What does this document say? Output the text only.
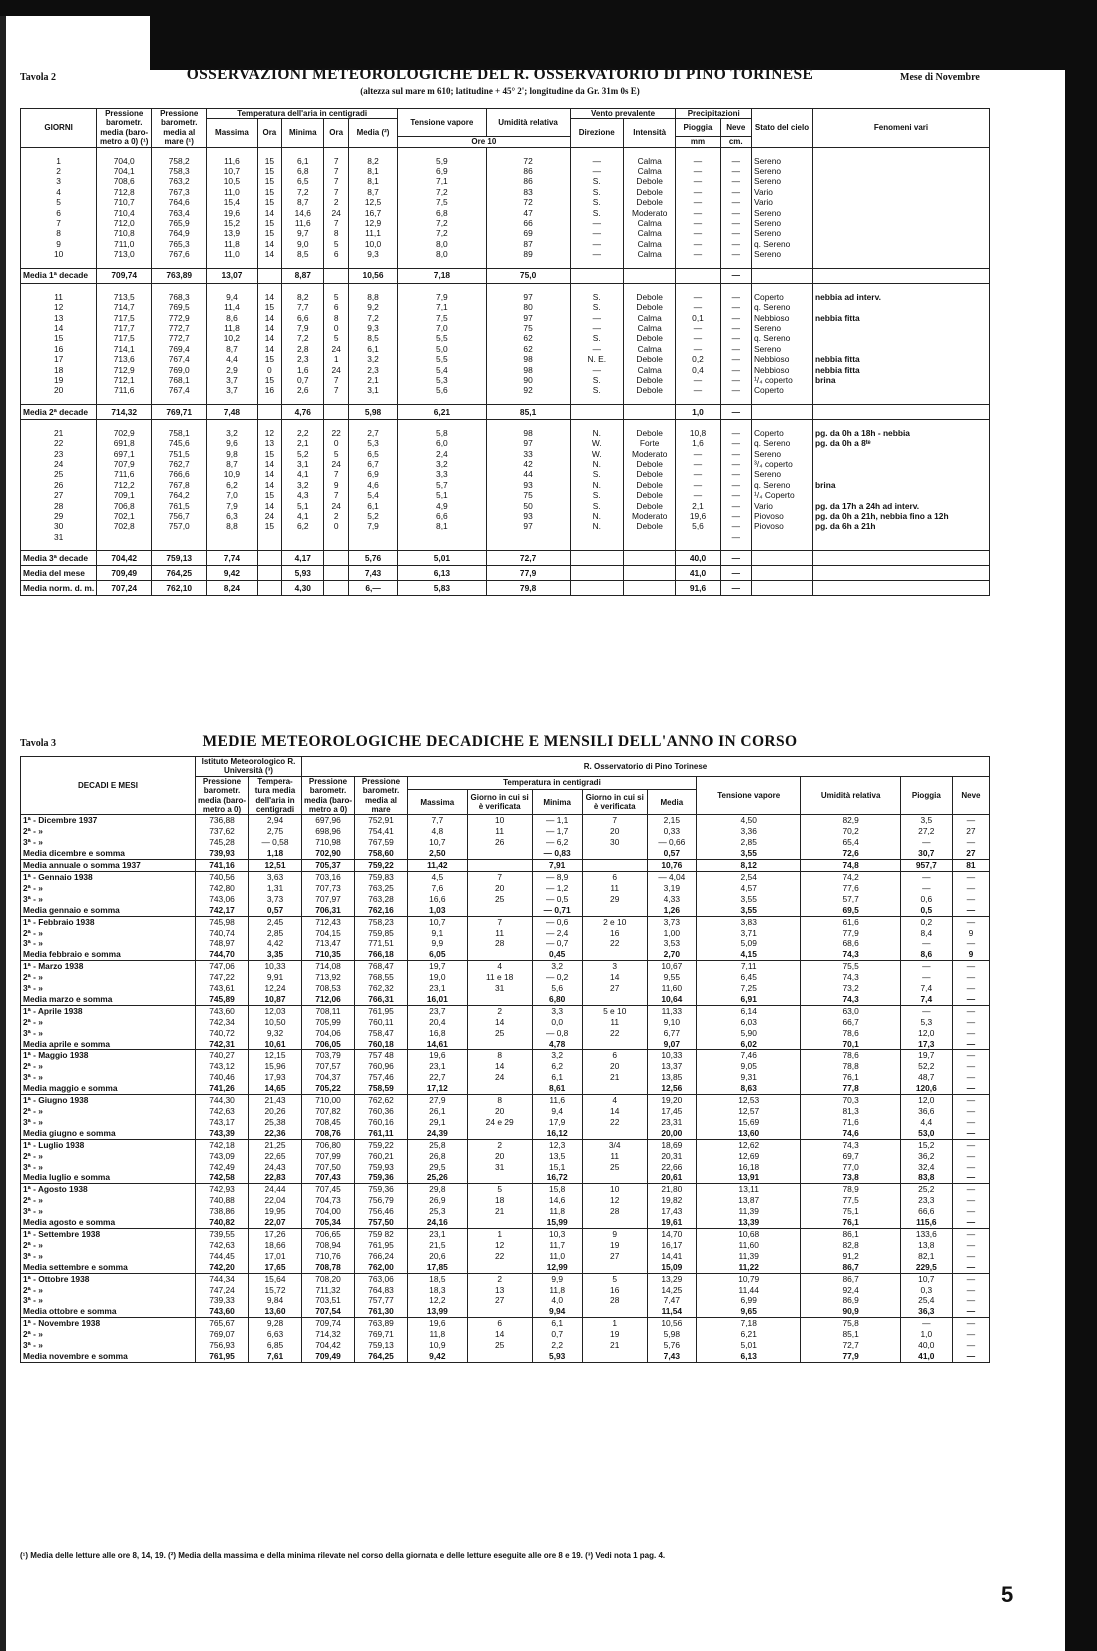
Tavola 2	OSSERVAZIONI METEOROLOGICHE DEL R. OSSERVATORIO DI PINO TORINESE	Mese di Novembre
(altezza sul mare m 610; latitudine + 45° 2'; longitudine da Gr. 31m 0s E)
GIORNI	Pressione barometr. media (baro- metro a 0) (¹)	Pressione barometr. media al mare (¹)	Temperatura dell'aria in centigradi					Tensione vapore	Umidità relativa	Vento prevalente		Precipitazioni		Stato del cielo	Fenomeni vari
			Massima	Ora	Minima	Ora	Media (²)			Direzione	Intensità	Pioggia	Neve		
								Ore 10				mm	cm.		

1	704,0	758,2	11,6	15	6,1	7	8,2	5,9	72	—	Calma	—	—	Sereno	
2	704,1	758,3	10,7	15	6,8	7	8,1	6,9	86	—	Calma	—	—	Sereno	
3	708,6	763,2	10,5	15	6,5	7	8,1	7,1	86	S.	Debole	—	—	Sereno	
4	712,8	767,3	11,0	15	7,2	7	8,7	7,2	83	S.	Debole	—	—	Vario	
5	710,7	764,6	15,4	15	8,7	2	12,5	7,5	72	S.	Debole	—	—	Vario	
6	710,4	763,4	19,6	14	14,6	24	16,7	6,8	47	S.	Moderato	—	—	Sereno	
7	712,0	765,9	15,2	15	11,6	7	12,9	7,2	66	—	Calma	—	—	Sereno	
8	710,8	764,9	13,9	15	9,7	8	11,1	7,2	69	—	Calma	—	—	Sereno	
9	711,0	765,3	11,8	14	9,0	5	10,0	8,0	87	—	Calma	—	—	q. Sereno	
10	713,0	767,6	11,0	14	8,5	6	9,3	8,0	89	—	Calma	—	—	Sereno	

Media 1ª decade	709,74	763,89	13,07		8,87		10,56	7,18	75,0				—		

11	713,5	768,3	9,4	14	8,2	5	8,8	7,9	97	S.	Debole	—	—	Coperto	nebbia ad interv.
12	714,7	769,5	11,4	15	7,7	6	9,2	7,1	80	S.	Debole	—	—	q. Sereno	
13	717,5	772,9	8,6	14	6,6	8	7,2	7,5	97	—	Calma	0,1	—	Nebbioso	nebbia fitta
14	717,7	772,7	11,8	14	7,9	0	9,3	7,0	75	—	Calma	—	—	Sereno	
15	717,5	772,7	10,2	14	7,2	5	8,5	5,5	62	S.	Debole	—	—	q. Sereno	
16	714,1	769,4	8,7	14	2,8	24	6,1	5,0	62	—	Calma	—	—	Sereno	
17	713,6	767,4	4,4	15	2,3	1	3,2	5,5	98	N. E.	Debole	0,2	—	Nebbioso	nebbia fitta
18	712,9	769,0	2,9	0	1,6	24	2,3	5,4	98	—	Calma	0,4	—	Nebbioso	nebbia fitta
19	712,1	768,1	3,7	15	0,7	7	2,1	5,3	90	S.	Debole	—	—	¹/₄ coperto	brina
20	711,6	767,4	3,7	16	2,6	7	3,1	5,6	92	S.	Debole	—	—	Coperto	

Media 2ª decade	714,32	769,71	7,48		4,76		5,98	6,21	85,1			1,0	—		

21	702,9	758,1	3,2	12	2,2	22	2,7	5,8	98	N.	Debole	10,8	—	Coperto	pg. da 0h a 18h - nebbia
22	691,8	745,6	9,6	13	2,1	0	5,3	6,0	97	W.	Forte	1,6	—	q. Sereno	pg. da 0h a 8ᵗᵉ
23	697,1	751,5	9,8	15	5,2	5	6,5	2,4	33	W.	Moderato	—	—	Sereno	
24	707,9	762,7	8,7	14	3,1	24	6,7	3,2	42	N.	Debole	—	—	³/₄ coperto	
25	711,6	766,6	10,9	14	4,1	7	6,9	3,3	44	S.	Debole	—	—	Sereno	
26	712,2	767,8	6,2	14	3,2	9	4,6	5,7	93	N.	Debole	—	—	q. Sereno	brina
27	709,1	764,2	7,0	15	4,3	7	5,4	5,1	75	S.	Debole	—	—	¹/₄ Coperto	
28	706,8	761,5	7,9	14	5,1	24	6,1	4,9	50	S.	Debole	2,1	—	Vario	pg. da 17h a 24h ad interv.
29	702,1	756,7	6,3	24	4,1	2	5,2	6,6	93	N.	Moderato	19,6	—	Piovoso	pg. da 0h a 21h, nebbia fino a 12h
30	702,8	757,0	8,8	15	6,2	0	7,9	8,1	97	N.	Debole	5,6	—	Piovoso	pg. da 6h a 21h
31													—		

Media 3ª decade	704,42	759,13	7,74		4,17		5,76	5,01	72,7			40,0	—		
Media del mese	709,49	764,25	9,42		5,93		7,43	6,13	77,9			41,0	—		
Media norm. d. m.	707,24	762,10	8,24		4,30		6,—	5,83	79,8			91,6	—		
Tavola 3	MEDIE METEOROLOGICHE DECADICHE E MENSILI DELL'ANNO IN CORSO
DECADI E MESI	Istituto Meteorologico R. Università (³)		R. Osservatorio di Pino Torinese										
	Pressione barometr. media (baro- metro a 0)	Tempera- tura media dell'aria in centigradi	Pressione barometr. media (baro- metro a 0)	Pressione barometr. media al mare	Temperatura in centigradi					Tensione vapore	Umidità relativa	Pioggia	Neve
					Massima	Giorno in cui si è verificata	Minima	Giorno in cui si è verificata	Media				
1ª - Dicembre 1937	736,88	2,94	697,96	752,91	7,7	10	— 1,1	7	2,15	4,50	82,9	3,5	—
2ª - »	737,62	2,75	698,96	754,41	4,8	11	— 1,7	20	0,33	3,36	70,2	27,2	27
3ª - »	745,28	— 0,58	710,98	767,59	10,7	26	— 6,2	30	— 0,66	2,85	65,4	—	—
Media dicembre e somma	739,93	1,18	702,90	758,60	2,50		— 0,83		0,57	3,55	72,6	30,7	27
Media annuale o somma 1937	741,16	12,51	705,37	759,22	11,42		7,91		10,76	8,12	74,8	957,7	81
1ª - Gennaio 1938	740,56	3,63	703,16	759,83	4,5	7	— 8,9	6	— 4,04	2,54	74,2	—	—
2ª - »	742,80	1,31	707,73	763,25	7,6	20	— 1,2	11	3,19	4,57	77,6	—	—
3ª - »	743,06	3,73	707,97	763,28	16,6	25	— 0,5	29	4,33	3,55	57,7	0,6	—
Media gennaio e somma	742,17	0,57	706,31	762,16	1,03		— 0,71		1,26	3,55	69,5	0,5	—
1ª - Febbraio 1938	745,98	2,45	712,43	758,23	10,7	7	— 0,6	2 e 10	3,73	3,83	61,6	0,2	—
2ª - »	740,74	2,85	704,15	759,85	9,1	11	— 2,4	16	1,00	3,71	77,9	8,4	9
3ª - »	748,97	4,42	713,47	771,51	9,9	28	— 0,7	22	3,53	5,09	68,6	—	—
Media febbraio e somma	744,70	3,35	710,35	766,18	6,05		0,45		2,70	4,15	74,3	8,6	9
1ª - Marzo 1938	747,06	10,33	714,08	768,47	19,7	4	3,2	3	10,67	7,11	75,5	—	—
2ª - »	747,22	9,91	713,92	768,55	19,0	11 e 18	— 0,2	14	9,55	6,45	74,3	—	—
3ª - »	743,61	12,24	708,53	762,32	23,1	31	5,6	27	11,60	7,25	73,2	7,4	—
Media marzo e somma	745,89	10,87	712,06	766,31	16,01		6,80		10,64	6,91	74,3	7,4	—
1ª - Aprile 1938	743,60	12,03	708,11	761,95	23,7	2	3,3	5 e 10	11,33	6,14	63,0	—	—
2ª - »	742,34	10,50	705,99	760,11	20,4	14	0,0	11	9,10	6,03	66,7	5,3	—
3ª - »	740,72	9,32	704,06	758,47	16,8	25	— 0,8	22	6,77	5,90	78,6	12,0	—
Media aprile e somma	742,31	10,61	706,05	760,18	14,61		4,78		9,07	6,02	70,1	17,3	—
1ª - Maggio 1938	740,27	12,15	703,79	757 48	19,6	8	3,2	6	10,33	7,46	78,6	19,7	—
2ª - »	743,12	15,96	707,57	760,96	23,1	14	6,2	20	13,37	9,05	78,8	52,2	—
3ª - »	740,46	17,93	704,37	757,46	22,7	24	6,1	21	13,85	9,31	76,1	48,7	—
Media maggio e somma	741,26	14,65	705,22	758,59	17,12		8,61		12,56	8,63	77,8	120,6	—
1ª - Giugno 1938	744,30	21,43	710,00	762,62	27,9	8	11,6	4	19,20	12,53	70,3	12,0	—
2ª - »	742,63	20,26	707,82	760,36	26,1	20	9,4	14	17,45	12,57	81,3	36,6	—
3ª - »	743,17	25,38	708,45	760,16	29,1	24 e 29	17,9	22	23,31	15,69	71,6	4,4	—
Media giugno e somma	743,39	22,36	708,76	761,11	24,39		16,12		20,00	13,60	74,6	53,0	—
1ª - Luglio 1938	742,18	21,25	706,80	759,22	25,8	2	12,3	3/4	18,69	12,62	74,3	15,2	—
2ª - »	743,09	22,65	707,99	760,21	26,8	20	13,5	11	20,31	12,69	69,7	36,2	—
3ª - »	742,49	24,43	707,50	759,93	29,5	31	15,1	25	22,66	16,18	77,0	32,4	—
Media luglio e somma	742,58	22,83	707,43	759,36	25,26		16,72		20,61	13,91	73,8	83,8	—
1ª - Agosto 1938	742,93	24,44	707,45	759,36	29,8	5	15,8	10	21,80	13,11	78,9	25,2	—
2ª - »	740,88	22,04	704,73	756,79	26,9	18	14,6	12	19,82	13,87	77,5	23,3	—
3ª - »	738,86	19,95	704,00	756,46	25,3	21	11,8	28	17,43	11,39	75,1	66,6	—
Media agosto e somma	740,82	22,07	705,34	757,50	24,16		15,99		19,61	13,39	76,1	115,6	—
1ª - Settembre 1938	739,55	17,26	706,65	759 82	23,1	1	10,3	9	14,70	10,68	86,1	133,6	—
2ª - »	742,63	18,66	708,94	761,95	21,5	12	11,7	19	16,17	11,60	82,8	13,8	—
3ª - »	744,45	17,01	710,76	766,24	20,6	22	11,0	27	14,41	11,39	91,2	82,1	—
Media settembre e somma	742,20	17,65	708,78	762,00	17,85		12,99		15,09	11,22	86,7	229,5	—
1ª - Ottobre 1938	744,34	15,64	708,20	763,06	18,5	2	9,9	5	13,29	10,79	86,7	10,7	—
2ª - »	747,24	15,72	711,32	764,83	18,3	13	11,8	16	14,25	11,44	92,4	0,3	—
3ª - »	739,33	9,84	703,51	757,77	12,2	27	4,0	28	7,47	6,99	86,9	25,4	—
Media ottobre e somma	743,60	13,60	707,54	761,30	13,99		9,94		11,54	9,65	90,9	36,3	—
1ª - Novembre 1938	765,67	9,28	709,74	763,89	19,6	6	6,1	1	10,56	7,18	75,8	—	—
2ª - »	769,07	6,63	714,32	769,71	11,8	14	0,7	19	5,98	6,21	85,1	1,0	—
3ª - »	756,93	6,85	704,42	759,13	10,9	25	2,2	21	5,76	5,01	72,7	40,0	—
Media novembre e somma	761,95	7,61	709,49	764,25	9,42		5,93		7,43	6,13	77,9	41,0	—
(¹) Media delle letture alle ore 8, 14, 19. (²) Media della massima e della minima rilevate nel corso della giornata e delle letture eseguite alle ore 8 e 19. (³) Vedi nota 1 pag. 4.
5
